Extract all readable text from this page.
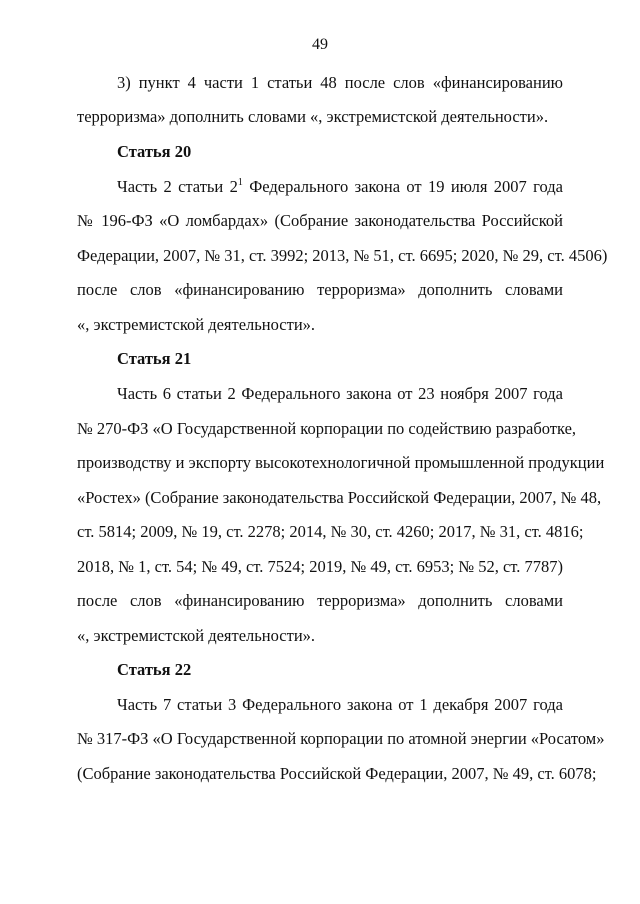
49
3) пункт 4 части 1 статьи 48 после слов «финансированию
терроризма» дополнить словами «, экстремистской деятельности».
Статья 20
Часть 2 статьи $2^1$ Федерального закона от 19 июля 2007 года
№ 196-ФЗ «О ломбардах» (Собрание законодательства Российской
Федерации, 2007, № 31, ст. 3992; 2013, № 51, ст. 6695; 2020, № 29, ст. 4506)
после слов «финансированию терроризма» дополнить словами
«, экстремистской деятельности».
Статья 21
Часть 6 статьи 2 Федерального закона от 23 ноября 2007 года
№ 270-ФЗ «О Государственной корпорации по содействию разработке,
производству и экспорту высокотехнологичной промышленной продукции
«Ростех» (Собрание законодательства Российской Федерации, 2007, № 48,
ст. 5814; 2009, № 19, ст. 2278; 2014, № 30, ст. 4260; 2017, № 31, ст. 4816;
2018, № 1, ст. 54; № 49, ст. 7524; 2019, № 49, ст. 6953; № 52, ст. 7787)
после слов «финансированию терроризма» дополнить словами
«, экстремистской деятельности».
Статья 22
Часть 7 статьи 3 Федерального закона от 1 декабря 2007 года
№ 317-ФЗ «О Государственной корпорации по атомной энергии «Росатом»
(Собрание законодательства Российской Федерации, 2007, № 49, ст. 6078;
